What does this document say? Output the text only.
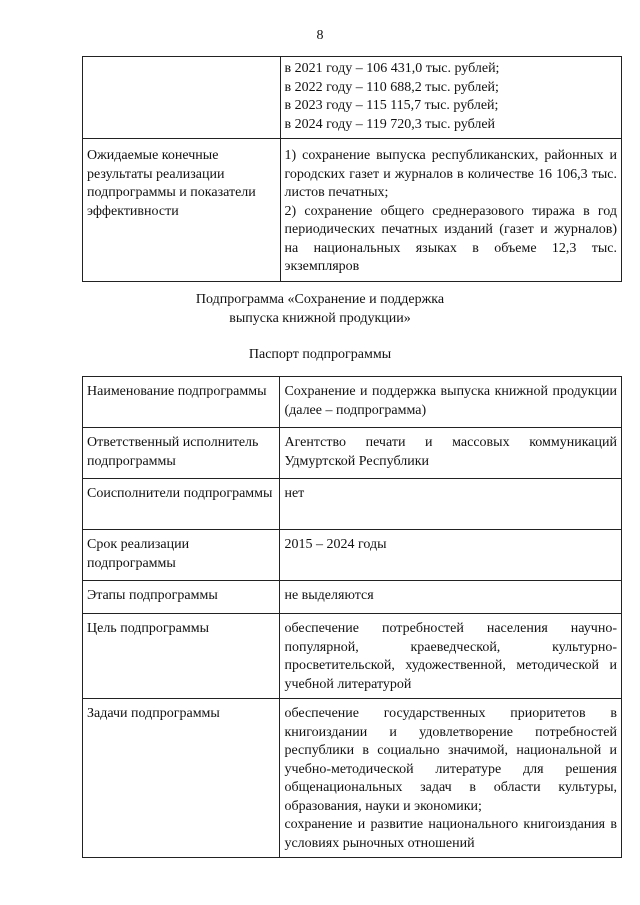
8

	в 2021 году – 106 431,0 тыс. рублей;
в 2022 году – 110 688,2 тыс. рублей;
в 2023 году – 115 115,7 тыс. рублей;
в 2024 году – 119 720,3 тыс. рублей

Ожидаемые конечные результаты реализации подпрограммы и показатели эффективности	1) сохранение выпуска республиканских, районных и городских газет и журналов в количестве 16 106,3 тыс. листов печатных;
2) сохранение общего среднеразового тиража в год периодических печатных изданий (газет и журналов) на национальных языках в объеме 12,3 тыс. экземпляров
Подпрограмма «Сохранение и поддержка
выпуска книжной продукции»
Паспорт подпрограммы
Наименование подпрограммы	Сохранение и поддержка выпуска книжной продукции (далее – подпрограмма)
Ответственный исполнитель подпрограммы	Агентство печати и массовых коммуникаций Удмуртской Республики
Соисполнители подпрограммы	нет
Срок реализации подпрограммы	2015 – 2024 годы
Этапы подпрограммы	не выделяются
Цель подпрограммы	обеспечение потребностей населения научно-популярной, краеведческой, культурно-просветительской, художественной, методической и учебной литературой
Задачи подпрограммы	обеспечение государственных приоритетов в книгоиздании и удовлетворение потребностей республики в социально значимой, национальной и учебно-методической литературе для решения общенациональных задач в области культуры, образования, науки и экономики;
сохранение и развитие национального книгоиздания в условиях рыночных отношений
